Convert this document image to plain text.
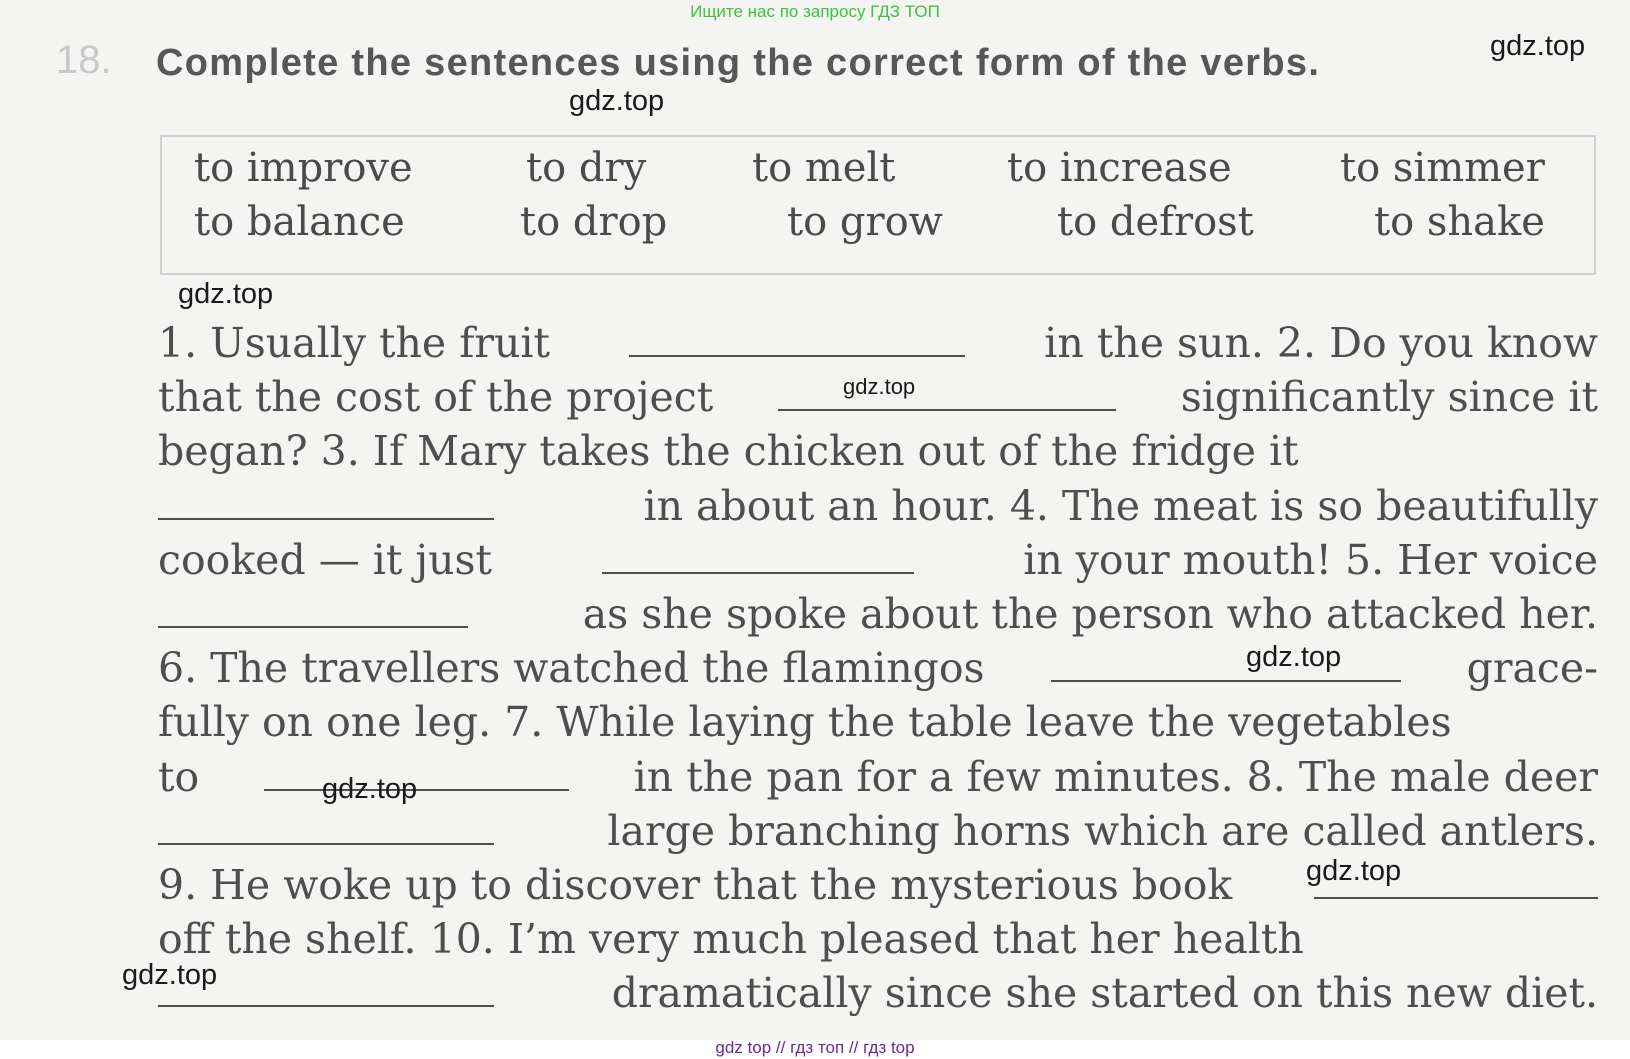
Ищите нас по запросу ГДЗ ТОП
18. Complete the sentences using the correct form of the verbs.
to improve	to dry	to melt	to increase	to simmer
to balance	to drop	to grow	to defrost	to shake
1. Usually the fruit	in the sun. 2. Do you know
that the cost of the project	significantly since it
began? 3. If Mary takes the chicken out of the fridge it
in about an hour. 4. The meat is so beautifully
cooked — it just	in your mouth! 5. Her voice
as she spoke about the person who attacked her.
6. The travellers watched the flamingos	grace-
fully on one leg. 7. While laying the table leave the vegetables
to	in the pan for a few minutes. 8. The male deer
large branching horns which are called antlers.
9. He woke up to discover that the mysterious book
off the shelf. 10. I’m very much pleased that her health
dramatically since she started on this new diet.
gdz.top
gdz.top
gdz.top
gdz.top
gdz.top
gdz.top
gdz.top
gdz.top
gdz top // гдз топ // гдз top
